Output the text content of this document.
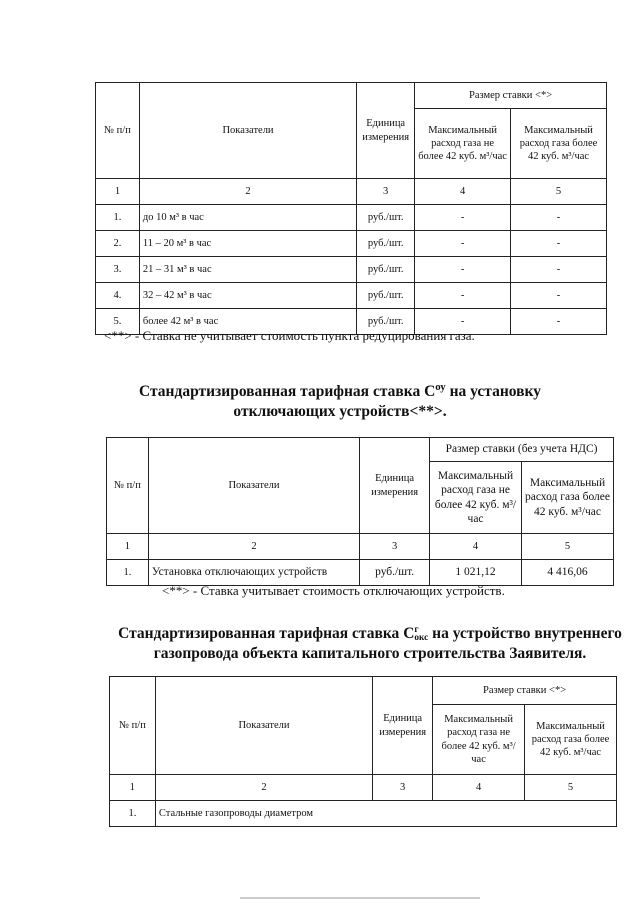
№ п/п	Показатели	Единица измерения	Размер ставки <*>	
			Максимальный расход газа не более 42 куб. м³/час	Максимальный расход газа более 42 куб. м³/час
1	2	3	4	5
1.	до 10 м³ в час	руб./шт.	-	-
2.	11 – 20 м³ в час	руб./шт.	-	-
3.	21 – 31 м³ в час	руб./шт.	-	-
4.	32 – 42 м³ в час	руб./шт.	-	-
5.	более 42 м³ в час	руб./шт.	-	-
<**> - Ставка не учитывает стоимость пункта редуцирования газа.
Стандартизированная тарифная ставка $С^{оу}$ на установку
отключающих устройств<**>.
№ п/п	Показатели	Единица измерения	Размер ставки (без учета НДС)	
			Максимальный расход газа не более 42 куб. м³/час	Максимальный расход газа более 42 куб. м³/час
1	2	3	4	5
1.	Установка отключающих устройств	руб./шт.	1 021,12	4 416,06
<**> - Ставка учитывает стоимость отключающих устройств.
Стандартизированная тарифная ставка С г
окс на устройство внутреннего
газопровода объекта капитального строительства Заявителя.
№ п/п	Показатели	Единица измерения	Размер ставки <*>	
			Максимальный расход газа не более 42 куб. м³/час	Максимальный расход газа более 42 куб. м³/час
1	2	3	4	5
1.	Стальные газопроводы диаметром			
